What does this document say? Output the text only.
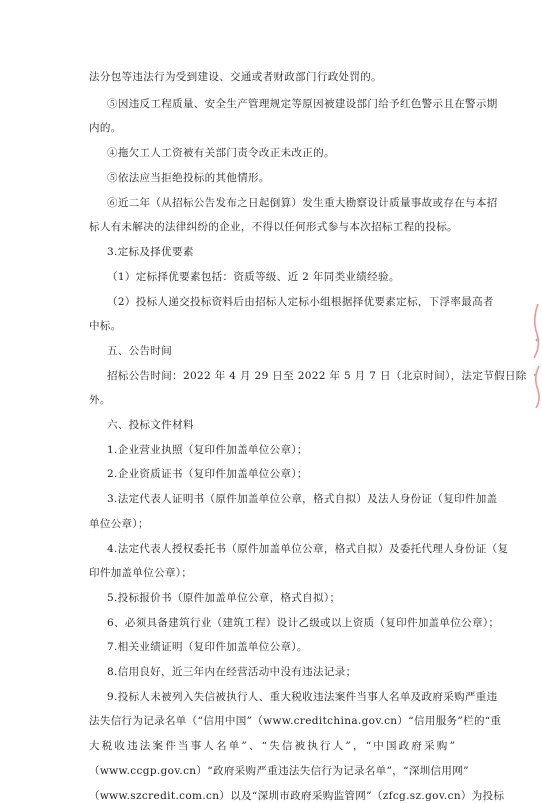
法分包等违法行为受到建设、交通或者财政部门行政处罚的。
⑤因违反工程质量、安全生产管理规定等原因被建设部门给予红色警示且在警示期
内的。
④拖欠工人工资被有关部门责令改正未改正的。
⑤依法应当拒绝投标的其他情形。
⑥近二年（从招标公告发布之日起倒算）发生重大勘察设计质量事故或存在与本招
标人有未解决的法律纠纷的企业，不得以任何形式参与本次招标工程的投标。
3.定标及择优要素
（1）定标择优要素包括：资质等级、近 2 年同类业绩经验。
（2）投标人递交投标资料后由招标人定标小组根据择优要素定标，下浮率最高者
中标。
五、公告时间
招标公告时间：2022 年 4 月 29 日至 2022 年 5 月 7 日（北京时间），法定节假日除
外。
六、投标文件材料
1.企业营业执照（复印件加盖单位公章）；
2.企业资质证书（复印件加盖单位公章）；
3.法定代表人证明书（原件加盖单位公章，格式自拟）及法人身份证（复印件加盖
单位公章）；
4.法定代表人授权委托书（原件加盖单位公章，格式自拟）及委托代理人身份证（复
印件加盖单位公章）；
5.投标报价书（原件加盖单位公章，格式自拟）；
6、必须具备建筑行业（建筑工程）设计乙级或以上资质（复印件加盖单位公章）；
7.相关业绩证明（复印件加盖单位公章）。
8.信用良好，近三年内在经营活动中没有违法记录；
9.投标人未被列入失信被执行人、重大税收违法案件当事人名单及政府采购严重违
法失信行为记录名单（“信用中国”（www.creditchina.gov.cn）“信用服务”栏的“重
大税收违法案件当事人名单”、“失信被执行人”，“中国政府采购”
（www.ccgp.gov.cn）“政府采购严重违法失信行为记录名单”，“深圳信用网”
（www.szcredit.com.cn）以及“深圳市政府采购监管网”（zfcg.sz.gov.cn）为投标
